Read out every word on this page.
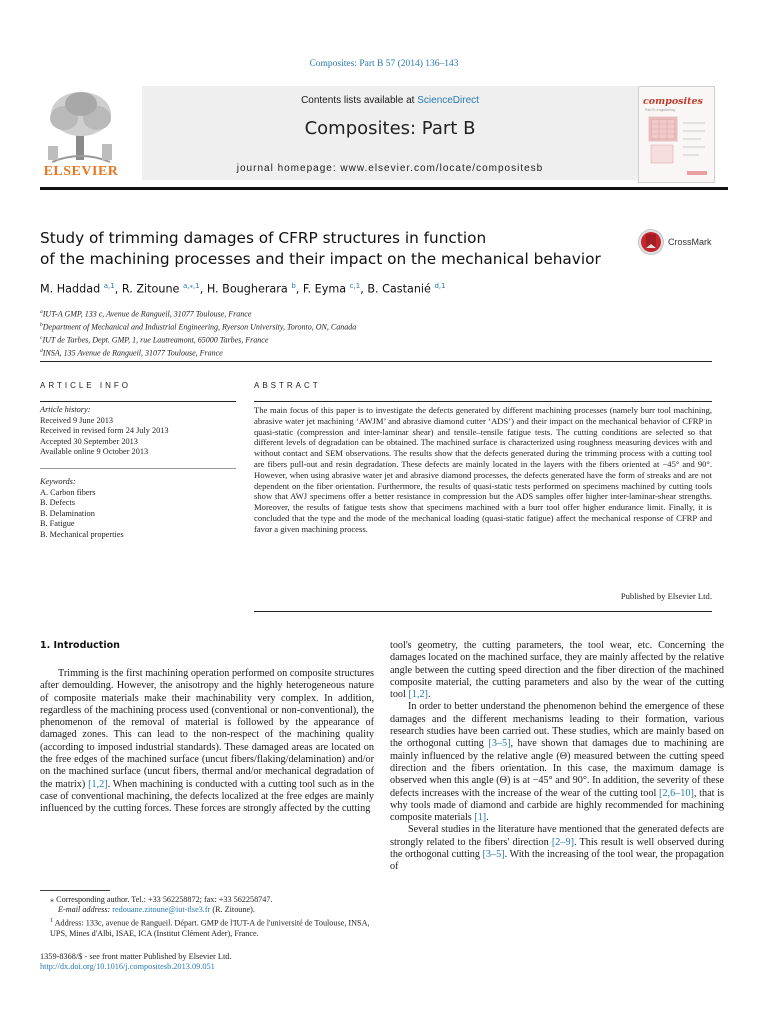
Composites: Part B 57 (2014) 136–143
ELSEVIER
Contents lists available at ScienceDirect
Composites: Part B
journal homepage: www.elsevier.com/locate/compositesb
composites
Part B: engineering
Study of trimming damages of CFRP structures in function
of the machining processes and their impact on the mechanical behavior
CrossMark
M. Haddad $^{a,1}$, R. Zitoune $^{a,⁎,1}$, H. Bougherara $^b$, F. Eyma $^{c,1}$, B. Castanié $^{d,1}$
$^a$IUT-A GMP, 133 c, Avenue de Rangueil, 31077 Toulouse, France
$^b$Department of Mechanical and Industrial Engineering, Ryerson University, Toronto, ON, Canada
$^c$IUT de Tarbes, Dept. GMP, 1, rue Lautreamont, 65000 Tarbes, France
$^d$INSA, 135 Avenue de Rangueil, 31077 Toulouse, France
ARTICLE INFO	ABSTRACT
Article history:
Received 9 June 2013
Received in revised form 24 July 2013
Accepted 30 September 2013
Available online 9 October 2013
Keywords:
A. Carbon fibers
B. Defects
B. Delamination
B. Fatigue
B. Mechanical properties
The main focus of this paper is to investigate the defects generated by different machining processes (namely burr tool machining, abrasive water jet machining ‘AWJM’ and abrasive diamond cutter ‘ADS’) and their impact on the mechanical behavior of CFRP in quasi-static (compression and inter-laminar shear) and tensile–tensile fatigue tests. The cutting conditions are selected so that different levels of degradation can be obtained. The machined surface is characterized using roughness measuring devices with and without contact and SEM observations. The results show that the defects generated during the trimming process with a cutting tool are fibers pull-out and resin degradation. These defects are mainly located in the layers with the fibers oriented at −45° and 90°. However, when using abrasive water jet and abrasive diamond processes, the defects generated have the form of streaks and are not dependent on the fiber orientation. Furthermore, the results of quasi-static tests performed on specimens machined by cutting tools show that AWJ specimens offer a better resistance in compression but the ADS samples offer higher inter-laminar-shear strengths. Moreover, the results of fatigue tests show that specimens machined with a burr tool offer higher endurance limit. Finally, it is concluded that the type and the mode of the mechanical loading (quasi-static fatigue) affect the mechanical response of CFRP and favor a given machining process.
Published by Elsevier Ltd.
1. Introduction

Trimming is the first machining operation performed on composite structures after demoulding. However, the anisotropy and the highly heterogeneous nature of composite materials make their machinability very complex. In addition, regardless of the machining process used (conventional or non-conventional), the phenomenon of the removal of material is followed by the appearance of damaged zones. This can lead to the non-respect of the machining quality (according to imposed industrial standards). These damaged areas are located on the free edges of the machined surface (uncut fibers/flaking/delamination) and/or on the machined surface (uncut fibers, thermal and/or mechanical degradation of the matrix) [1,2]. When machining is conducted with a cutting tool such as in the case of conventional machining, the defects localized at the free edges are mainly influenced by the cutting forces. These forces are strongly affected by the cutting

tool's geometry, the cutting parameters, the tool wear, etc. Concerning the damages located on the machined surface, they are mainly affected by the relative angle between the cutting speed direction and the fiber direction of the machined composite material, the cutting parameters and also by the wear of the cutting tool [1,2].

In order to better understand the phenomenon behind the emergence of these damages and the different mechanisms leading to their formation, various research studies have been carried out. These studies, which are mainly based on the orthogonal cutting [3–5], have shown that damages due to machining are mainly influenced by the relative angle (Θ) measured between the cutting speed direction and the fibers orientation. In this case, the maximum damage is observed when this angle (Θ) is at −45° and 90°. In addition, the severity of these defects increases with the increase of the wear of the cutting tool [2,6–10], that is why tools made of diamond and carbide are highly recommended for machining composite materials [1].

Several studies in the literature have mentioned that the generated defects are strongly related to the fibers' direction [2–9]. This result is well observed during the orthogonal cutting [3–5]. With the increasing of the tool wear, the propagation of

⁎ Corresponding author. Tel.: +33 562258872; fax: +33 562258747.
E-mail address: redouane.zitoune@iut-tlse3.fr (R. Zitoune).
$^1$ Address: 133c, avenue de Rangueil. Départ. GMP de l'IUT-A de l'université de Toulouse, INSA, UPS, Mines d'Albi, ISAE, ICA (Institut Clément Ader), France.
1359-8368/$ - see front matter Published by Elsevier Ltd.
http://dx.doi.org/10.1016/j.compositesb.2013.09.051
